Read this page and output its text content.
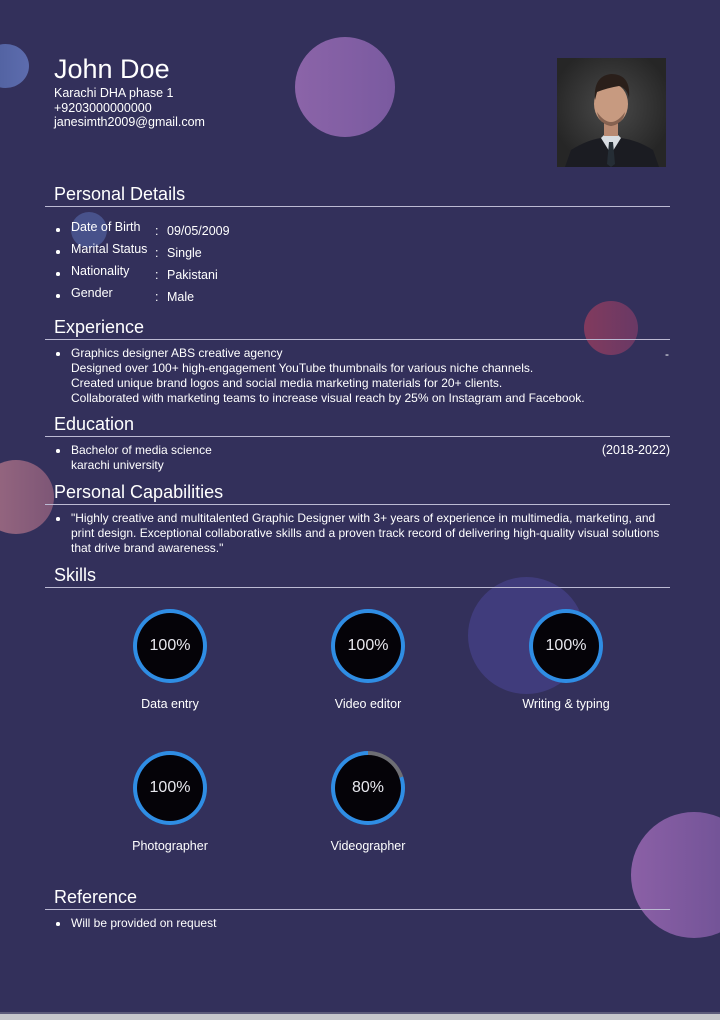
John Doe
Karachi DHA phase 1
+9203000000000
janesimth2009@gmail.com
Personal Details
Date of Birth : 09/05/2009
Marital Status : Single
Nationality : Pakistani
Gender	: Male
Experience
Graphics designer ABS creative agency
Designed over 100+ high-engagement YouTube thumbnails for various niche channels.
Created unique brand logos and social media marketing materials for 20+ clients.
Collaborated with marketing teams to increase visual reach by 25% on Instagram and Facebook.
-
Education
Bachelor of media science
karachi university
(2018-2022)
Personal Capabilities
"Highly creative and multitalented Graphic Designer with 3+ years of experience in multimedia, marketing, and print design. Exceptional collaborative skills and a proven track record of delivering high-quality visual solutions that drive brand awareness."
Skills
100%
Data entry
100%
Video editor
100%
Writing & typing
100%
Photographer
80%
Videographer
Reference
Will be provided on request
